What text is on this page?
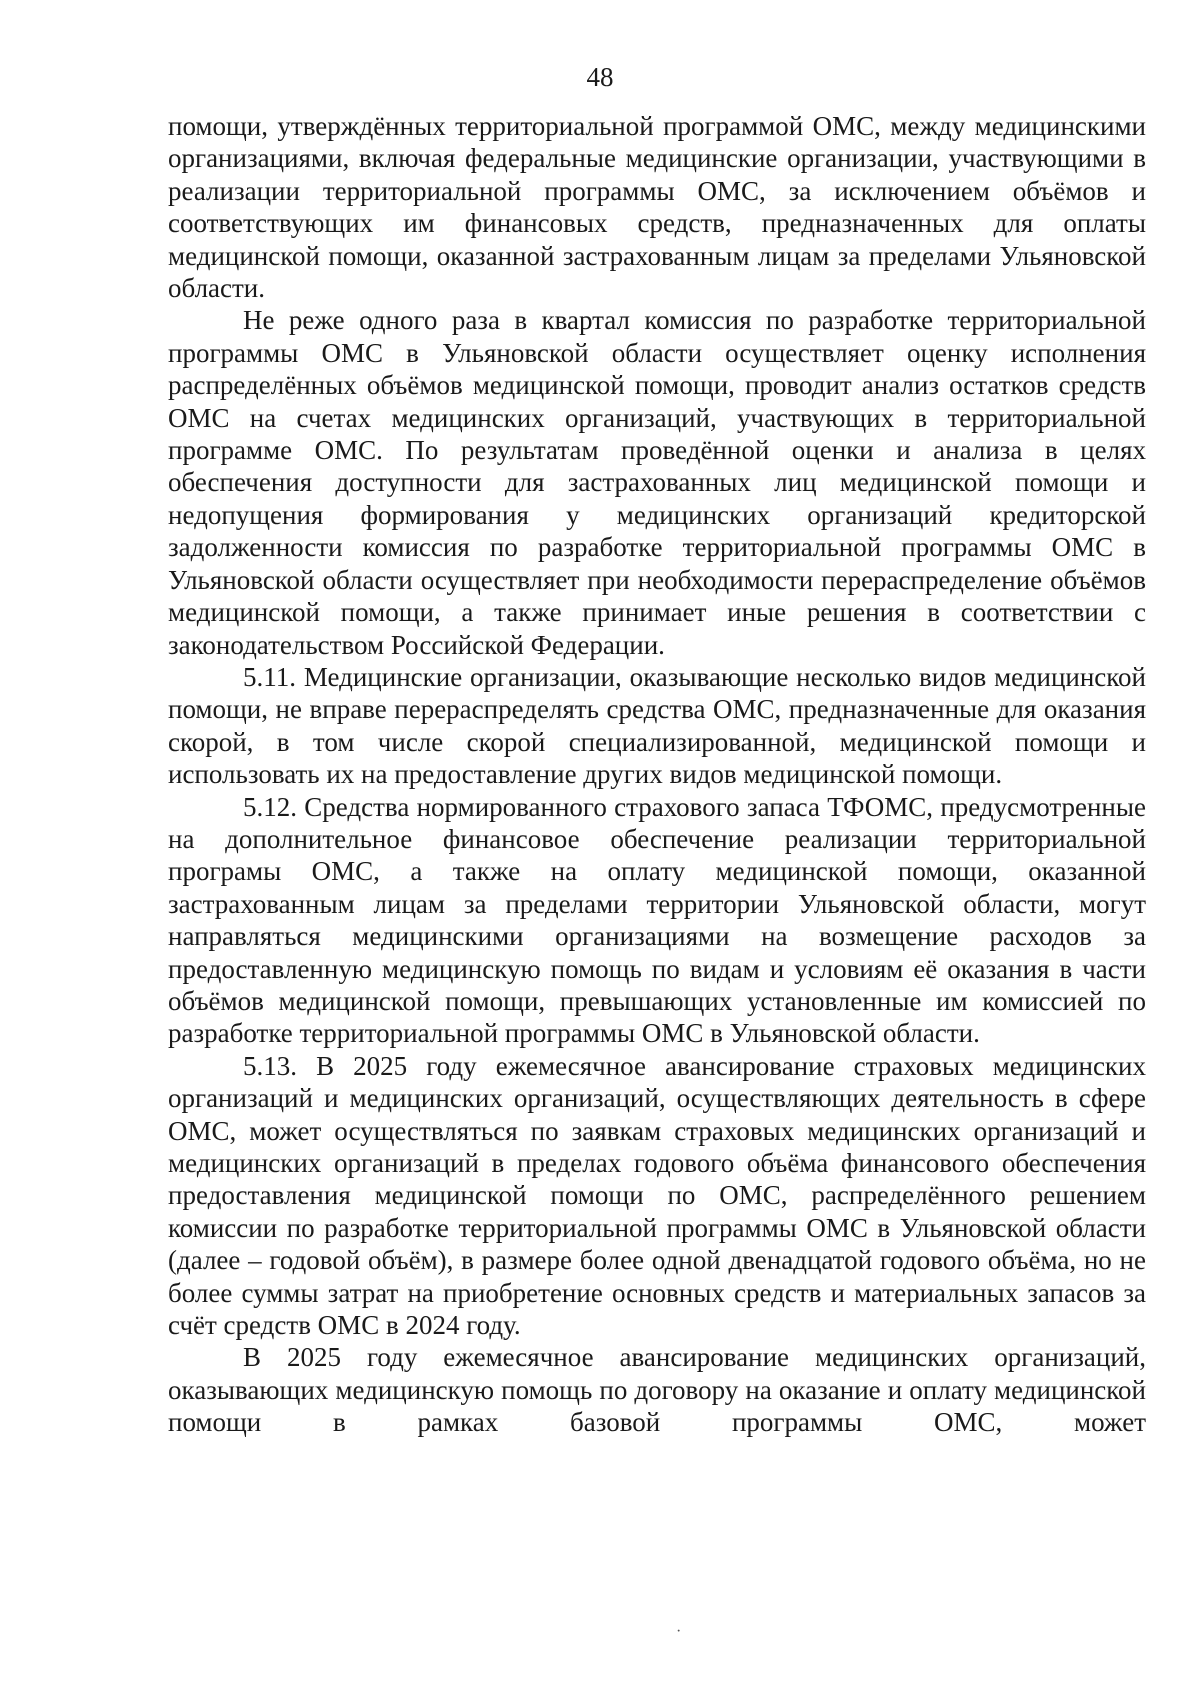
48

помощи, утверждённых территориальной программой ОМС, между медицинскими организациями, включая федеральные медицинские организации, участвующими в реализации территориальной программы ОМС, за исключением объёмов и соответствующих им финансовых средств, предназначенных для оплаты медицинской помощи, оказанной застрахованным лицам за пределами Ульяновской области.

Не реже одного раза в квартал комиссия по разработке территориальной программы ОМС в Ульяновской области осуществляет оценку исполнения распределённых объёмов медицинской помощи, проводит анализ остатков средств ОМС на счетах медицинских организаций, участвующих в территориальной программе ОМС. По результатам проведённой оценки и анализа в целях обеспечения доступности для застрахованных лиц медицинской помощи и недопущения формирования у медицинских организаций кредиторской задолженности комиссия по разработке территориальной программы ОМС в Ульяновской области осуществляет при необходимости перераспределение объёмов медицинской помощи, а также принимает иные решения в соответствии с законодательством Российской Федерации.

5.11. Медицинские организации, оказывающие несколько видов медицинской помощи, не вправе перераспределять средства ОМС, предназначенные для оказания скорой, в том числе скорой специализированной, медицинской помощи и использовать их на предоставление других видов медицинской помощи.

5.12. Средства нормированного страхового запаса ТФОМС, предусмотренные на дополнительное финансовое обеспечение реализации территориальной програмы ОМС, а также на оплату медицинской помощи, оказанной застрахованным лицам за пределами территории Ульяновской области, могут направляться медицинскими организациями на возмещение расходов за предоставленную медицинскую помощь по видам и условиям её оказания в части объёмов медицинской помощи, превышающих установленные им комиссией по разработке территориальной программы ОМС в Ульяновской области.

5.13. В 2025 году ежемесячное авансирование страховых медицинских организаций и медицинских организаций, осуществляющих деятельность в сфере ОМС, может осуществляться по заявкам страховых медицинских организаций и медицинских организаций в пределах годового объёма финансового обеспечения предоставления медицинской помощи по ОМС, распределённого решением комиссии по разработке территориальной программы ОМС в Ульяновской области (далее – годовой объём), в размере более одной двенадцатой годового объёма, но не более суммы затрат на приобретение основных средств и материальных запасов за счёт средств ОМС в 2024 году.

В 2025 году ежемесячное авансирование медицинских организаций, оказывающих медицинскую помощь по договору на оказание и оплату медицинской помощи в рамках базовой программы ОМС, может

·
